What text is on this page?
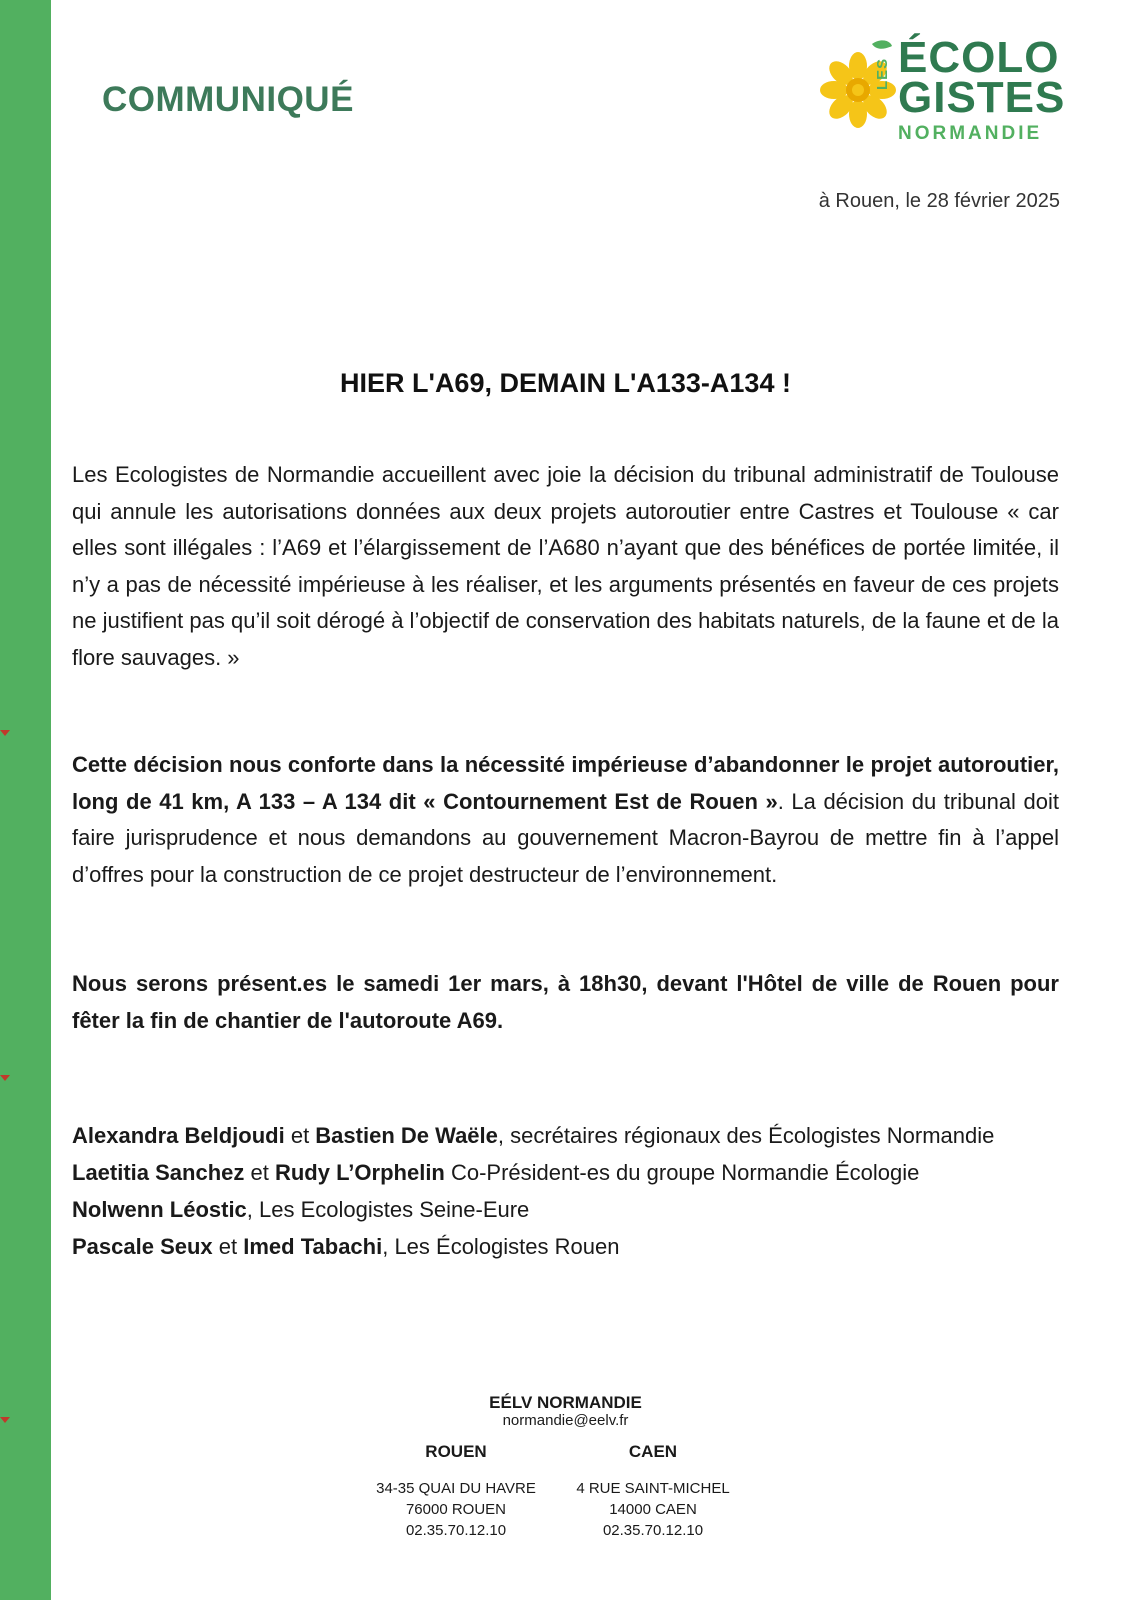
COMMUNIQUÉ
LES ÉCOLO
GISTES
NORMANDIE
à Rouen, le 28 février 2025
HIER L'A69, DEMAIN L'A133-A134 !

Les Ecologistes de Normandie accueillent avec joie la décision du tribunal administratif de Toulouse qui annule les autorisations données aux deux projets autoroutier entre Castres et Toulouse « car elles sont illégales : l’A69 et l’élargissement de l’A680 n’ayant que des bénéfices de portée limitée, il n’y a pas de nécessité impérieuse à les réaliser, et les arguments présentés en faveur de ces projets ne justifient pas qu’il soit dérogé à l’objectif de conservation des habitats naturels, de la faune et de la flore sauvages. »

Cette décision nous conforte dans la nécessité impérieuse d’abandonner le projet autoroutier, long de 41 km, A 133 – A 134 dit « Contournement Est de Rouen ». La décision du tribunal doit faire jurisprudence et nous demandons au gouvernement Macron-Bayrou de mettre fin à l’appel d’offres pour la construction de ce projet destructeur de l’environnement.

Nous serons présent.es le samedi 1er mars, à 18h30, devant l'Hôtel de ville de Rouen pour fêter la fin de chantier de l'autoroute A69.

Alexandra Beldjoudi et Bastien De Waële, secrétaires régionaux des Écologistes Normandie

Laetitia Sanchez et Rudy L’Orphelin Co-Président-es du groupe Normandie Écologie

Nolwenn Léostic, Les Ecologistes Seine-Eure

Pascale Seux et Imed Tabachi, Les Écologistes Rouen

EÉLV NORMANDIE
normandie@eelv.fr
ROUEN
34-35 QUAI DU HAVRE
76000 ROUEN
02.35.70.12.10
CAEN
4 RUE SAINT-MICHEL
14000 CAEN
02.35.70.12.10
